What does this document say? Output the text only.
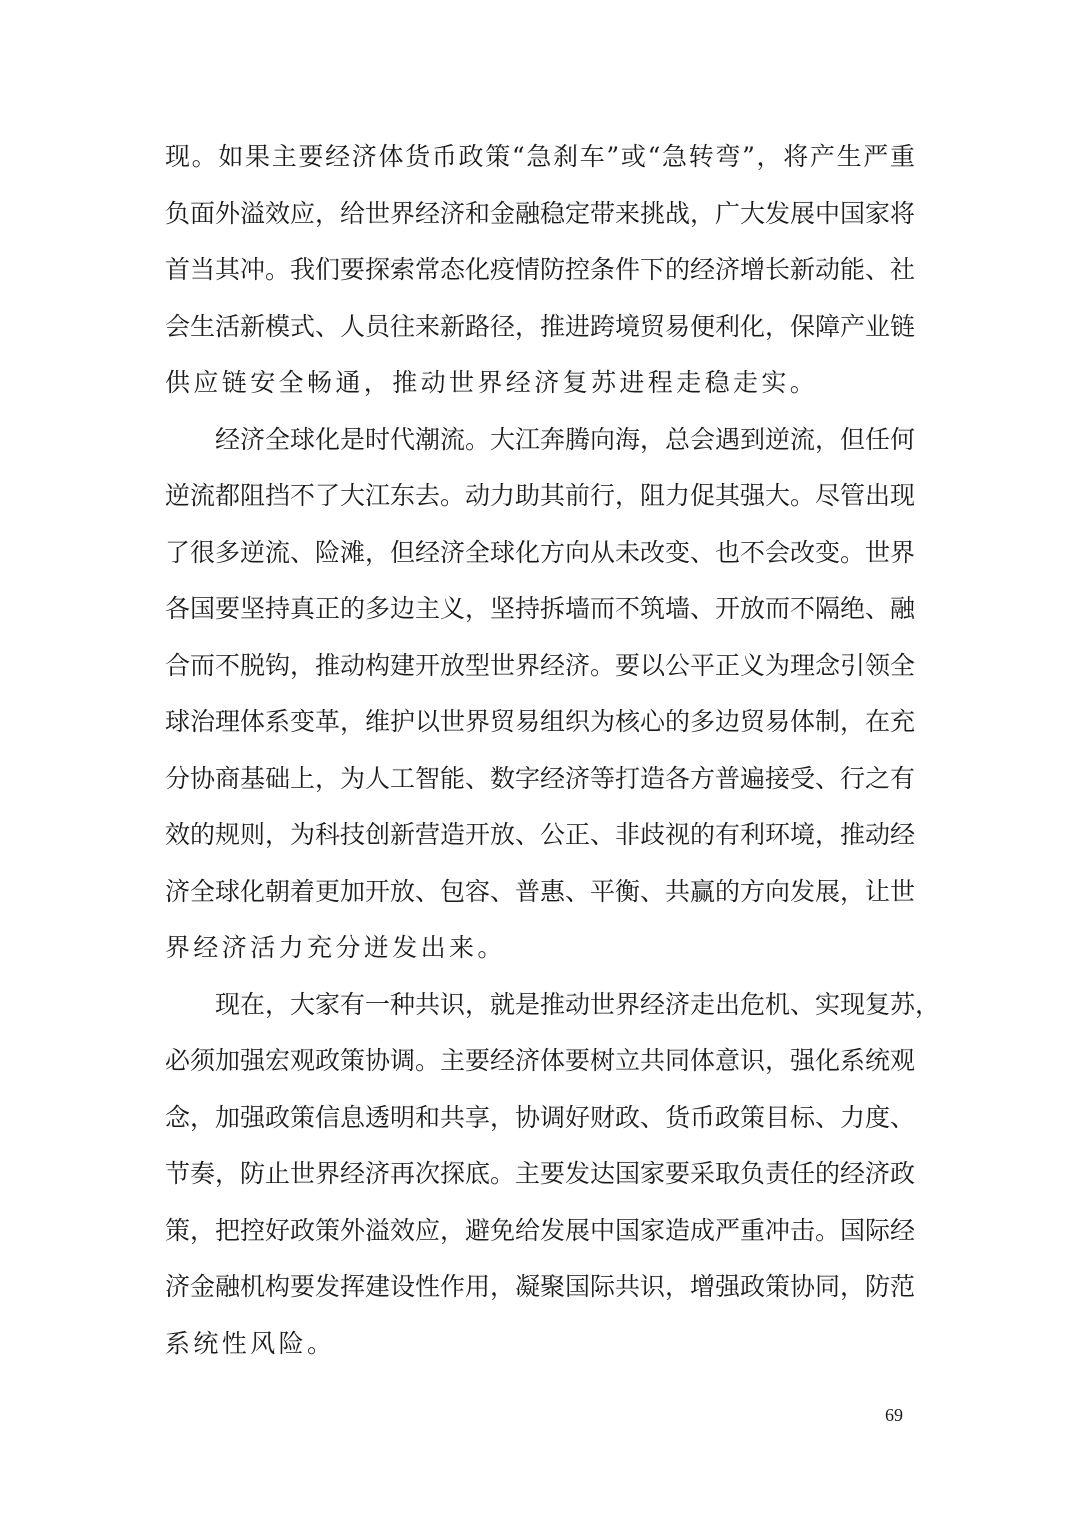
现。如果主要经济体货币政策“急刹车”或“急转弯”，将产生严重
负面外溢效应，给世界经济和金融稳定带来挑战，广大发展中国家将
首当其冲。我们要探索常态化疫情防控条件下的经济增长新动能、社
会生活新模式、人员往来新路径，推进跨境贸易便利化，保障产业链
供应链安全畅通，推动世界经济复苏进程走稳走实。
经济全球化是时代潮流。大江奔腾向海，总会遇到逆流，但任何
逆流都阻挡不了大江东去。动力助其前行，阻力促其强大。尽管出现
了很多逆流、险滩，但经济全球化方向从未改变、也不会改变。世界
各国要坚持真正的多边主义，坚持拆墙而不筑墙、开放而不隔绝、融
合而不脱钩，推动构建开放型世界经济。要以公平正义为理念引领全
球治理体系变革，维护以世界贸易组织为核心的多边贸易体制，在充
分协商基础上，为人工智能、数字经济等打造各方普遍接受、行之有
效的规则，为科技创新营造开放、公正、非歧视的有利环境，推动经
济全球化朝着更加开放、包容、普惠、平衡、共赢的方向发展，让世
界经济活力充分迸发出来。
现在，大家有一种共识，就是推动世界经济走出危机、实现复苏，
必须加强宏观政策协调。主要经济体要树立共同体意识，强化系统观
念，加强政策信息透明和共享，协调好财政、货币政策目标、力度、
节奏，防止世界经济再次探底。主要发达国家要采取负责任的经济政
策，把控好政策外溢效应，避免给发展中国家造成严重冲击。国际经
济金融机构要发挥建设性作用，凝聚国际共识，增强政策协同，防范
系统性风险。
69
